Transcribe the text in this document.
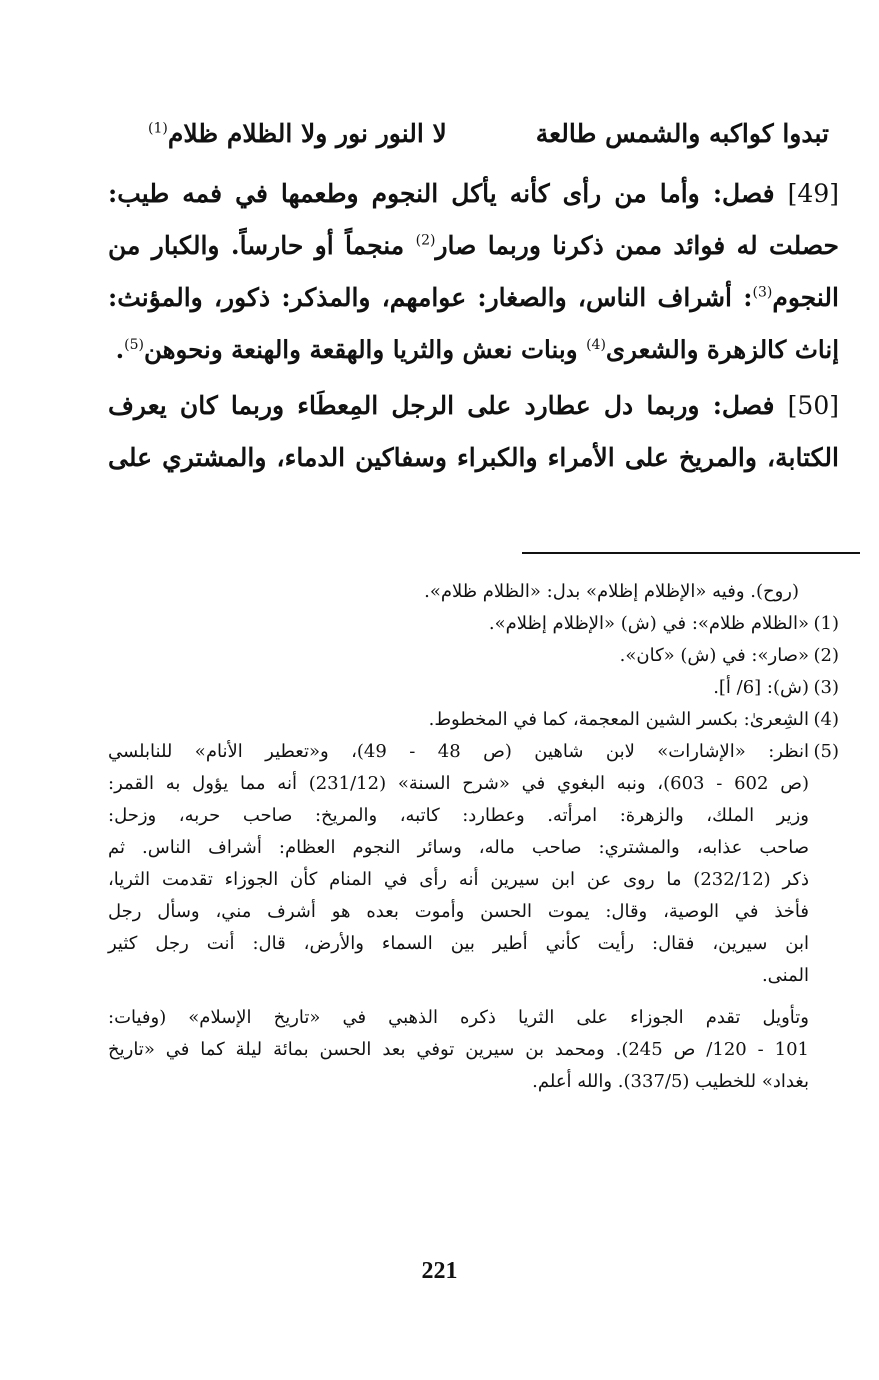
تبدوا كواكبه والشمس طالعة
لا النور نور ولا الظلام ظلام$^{(1)}$
[49] فصل: وأما من رأى كأنه يأكل النجوم وطعمها في فمه طيب:
حصلت له فوائد ممن ذكرنا وربما صار$^{(2)}$ منجماً أو حارساً. والكبار من
النجوم$^{(3)}$: أشراف الناس، والصغار: عوامهم، والمذكر: ذكور، والمؤنث:
إناث كالزهرة والشعرى$^{(4)}$ وبنات نعش والثريا والهقعة والهنعة ونحوهن$^{(5)}$.
[50] فصل: وربما دل عطارد على الرجل المِعطَاء وربما كان يعرف
الكتابة، والمريخ على الأمراء والكبراء وسفاكين الدماء، والمشتري على
(روح). وفيه «الإظلام إظلام» بدل: «الظلام ظلام».
(1)«الظلام ظلام»: في (ش) «الإظلام إظلام».
(2)«صار»: في (ش) «كان».
(3)(ش): [6/ أ].
(4)الشِعرىٰ: بكسر الشين المعجمة، كما في المخطوط.
(5)
انظر: «الإشارات» لابن شاهين (ص 48 - 49)، و«تعطير الأنام» للنابلسي
(ص 602 - 603)، ونبه البغوي في «شرح السنة» (231/12) أنه مما يؤول به القمر:
وزير الملك، والزهرة: امرأته. وعطارد: كاتبه، والمريخ: صاحب حربه، وزحل:
صاحب عذابه، والمشتري: صاحب ماله، وسائر النجوم العظام: أشراف الناس. ثم
ذكر (232/12) ما روى عن ابن سيرين أنه رأى في المنام كأن الجوزاء تقدمت الثريا،
فأخذ في الوصية، وقال: يموت الحسن وأموت بعده هو أشرف مني، وسأل رجل
ابن سيرين، فقال: رأيت كأني أطير بين السماء والأرض، قال: أنت رجل كثير
المنى.
وتأويل تقدم الجوزاء على الثريا ذكره الذهبي في «تاريخ الإسلام» (وفيات:
101 - 120/ ص 245). ومحمد بن سيرين توفي بعد الحسن بمائة ليلة كما في «تاريخ
بغداد» للخطيب (337/5). والله أعلم.
221
